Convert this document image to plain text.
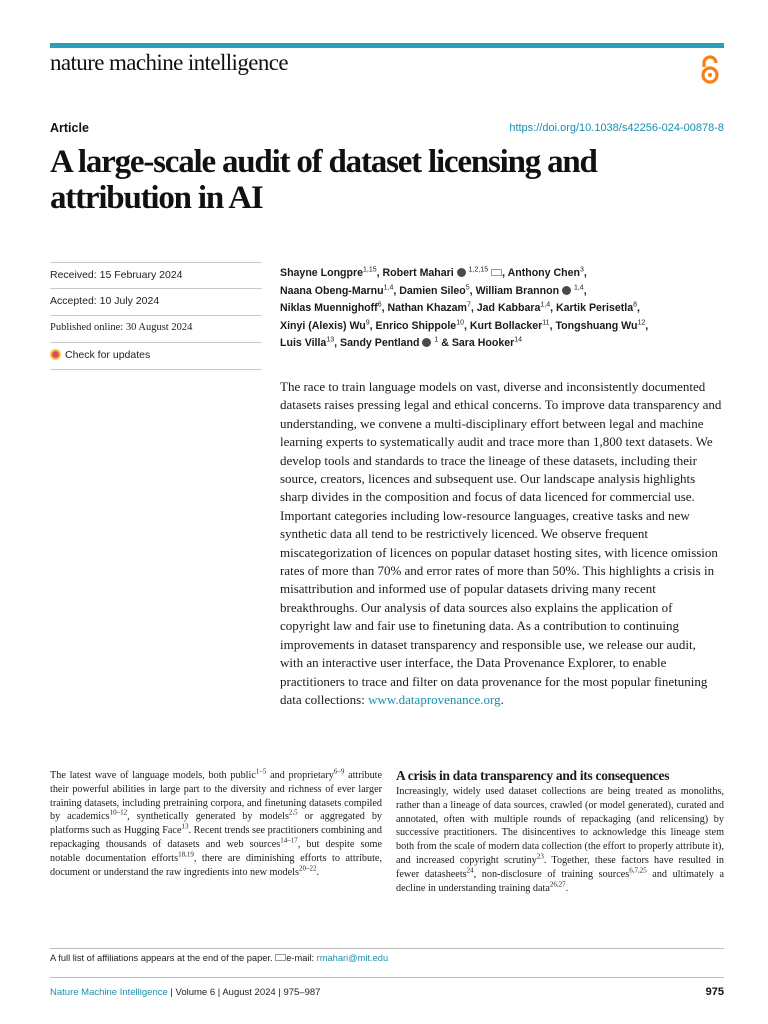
nature machine intelligence
Article	https://doi.org/10.1038/s42256-024-00878-8
A large-scale audit of dataset licensing and attribution in AI
Received: 15 February 2024
Accepted: 10 July 2024
Published online: 30 August 2024
Check for updates
Shayne Longpre$^{1,15}$, Robert Mahari $^{1,2,15}$ , Anthony Chen$^3$,
Naana Obeng-Marnu$^{1,4}$, Damien Sileo$^5$, William Brannon $^{1,4}$,
Niklas Muennighoff$^6$, Nathan Khazam$^7$, Jad Kabbara$^{1,4}$, Kartik Perisetla$^8$,
Xinyi (Alexis) Wu$^9$, Enrico Shippole$^{10}$, Kurt Bollacker$^{11}$, Tongshuang Wu$^{12}$,
Luis Villa$^{13}$, Sandy Pentland $^1$ & Sara Hooker$^{14}$

The race to train language models on vast, diverse and inconsistently documented datasets raises pressing legal and ethical concerns. To improve data transparency and understanding, we convene a multi-disciplinary effort between legal and machine learning experts to systematically audit and trace more than 1,800 text datasets. We develop tools and standards to trace the lineage of these datasets, including their source, creators, licences and subsequent use. Our landscape analysis highlights sharp divides in the composition and focus of data licenced for commercial use. Important categories including low-resource languages, creative tasks and new synthetic data all tend to be restrictively licenced. We observe frequent miscategorization of licences on popular dataset hosting sites, with licence omission rates of more than 70% and error rates of more than 50%. This highlights a crisis in misattribution and informed use of popular datasets driving many recent breakthroughs. Our analysis of data sources also explains the application of copyright law and fair use to finetuning data. As a contribution to continuing improvements in dataset transparency and responsible use, we release our audit, with an interactive user interface, the Data Provenance Explorer, to enable practitioners to trace and filter on data provenance for the most popular finetuning data collections: www.dataprovenance.org.

The latest wave of language models, both public$^{1-5}$ and proprietary$^{6-9}$ attribute their powerful abilities in large part to the diversity and richness of ever larger training datasets, including pretraining corpora, and finetuning datasets compiled by academics$^{10-12}$, synthetically generated by models$^{2,5}$ or aggregated by platforms such as Hugging Face$^{13}$. Recent trends see practitioners combining and repackaging thousands of datasets and web sources$^{14-17}$, but despite some notable documentation efforts$^{18,19}$, there are diminishing efforts to attribute, document or understand the raw ingredients into new models$^{20-22}$.

A crisis in data transparency and its consequences

Increasingly, widely used dataset collections are being treated as monoliths, rather than a lineage of data sources, crawled (or model generated), curated and annotated, often with multiple rounds of repackaging (and relicensing) by successive practitioners. The disincentives to acknowledge this lineage stem both from the scale of modern data collection (the effort to properly attribute it), and increased copyright scrutiny$^{23}$. Together, these factors have resulted in fewer datasheets$^{24}$, non-disclosure of training sources$^{6,7,25}$ and ultimately a decline in understanding training data$^{26,27}$.

A full list of affiliations appears at the end of the paper. e-mail: rmahari@mit.edu
Nature Machine Intelligence | Volume 6 | August 2024 | 975–987	975
